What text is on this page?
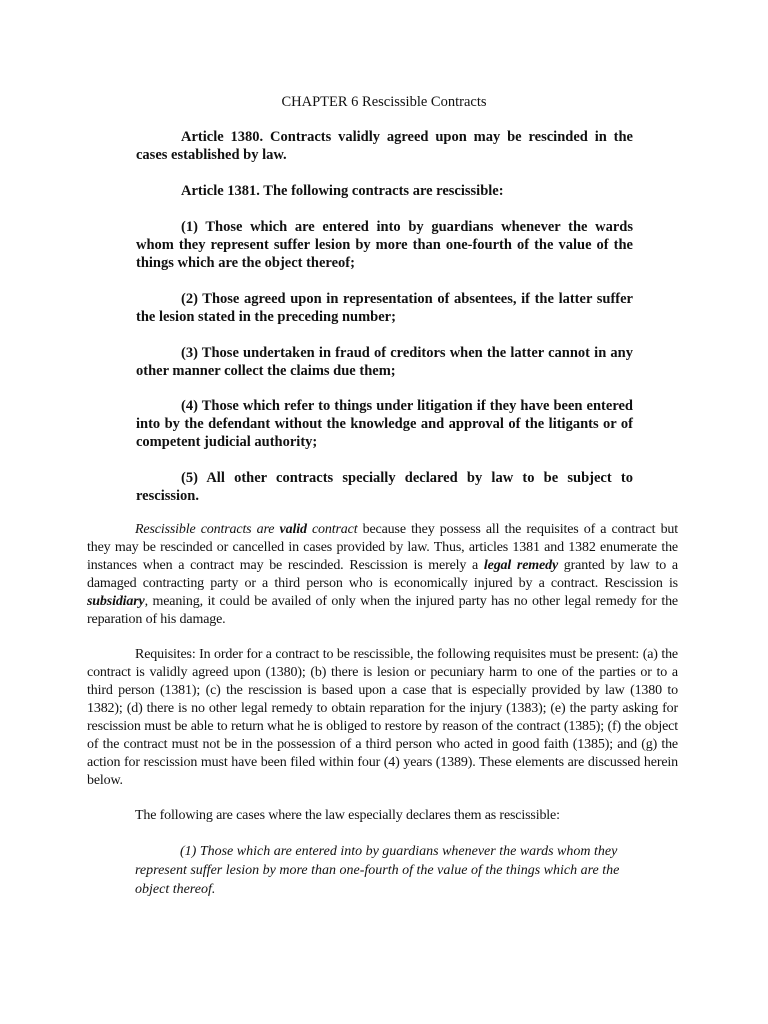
CHAPTER 6 Rescissible Contracts
Article 1380. Contracts validly agreed upon may be rescinded in the cases established by law.
Article 1381. The following contracts are rescissible:
(1) Those which are entered into by guardians whenever the wards whom they represent suffer lesion by more than one-fourth of the value of the things which are the object thereof;
(2) Those agreed upon in representation of absentees, if the latter suffer the lesion stated in the preceding number;
(3) Those undertaken in fraud of creditors when the latter cannot in any other manner collect the claims due them;
(4) Those which refer to things under litigation if they have been entered into by the defendant without the knowledge and approval of the litigants or of competent judicial authority;
(5) All other contracts specially declared by law to be subject to rescission.
Rescissible contracts are valid contract because they possess all the requisites of a contract but they may be rescinded or cancelled in cases provided by law. Thus, articles 1381 and 1382 enumerate the instances when a contract may be rescinded. Rescission is merely a legal remedy granted by law to a damaged contracting party or a third person who is economically injured by a contract. Rescission is subsidiary, meaning, it could be availed of only when the injured party has no other legal remedy for the reparation of his damage.
Requisites: In order for a contract to be rescissible, the following requisites must be present: (a) the contract is validly agreed upon (1380); (b) there is lesion or pecuniary harm to one of the parties or to a third person (1381); (c) the rescission is based upon a case that is especially provided by law (1380 to 1382); (d) there is no other legal remedy to obtain reparation for the injury (1383); (e) the party asking for rescission must be able to return what he is obliged to restore by reason of the contract (1385); (f) the object of the contract must not be in the possession of a third person who acted in good faith (1385); and (g) the action for rescission must have been filed within four (4) years (1389). These elements are discussed herein below.
The following are cases where the law especially declares them as rescissible:
(1) Those which are entered into by guardians whenever the wards whom they represent suffer lesion by more than one-fourth of the value of the things which are the object thereof.
